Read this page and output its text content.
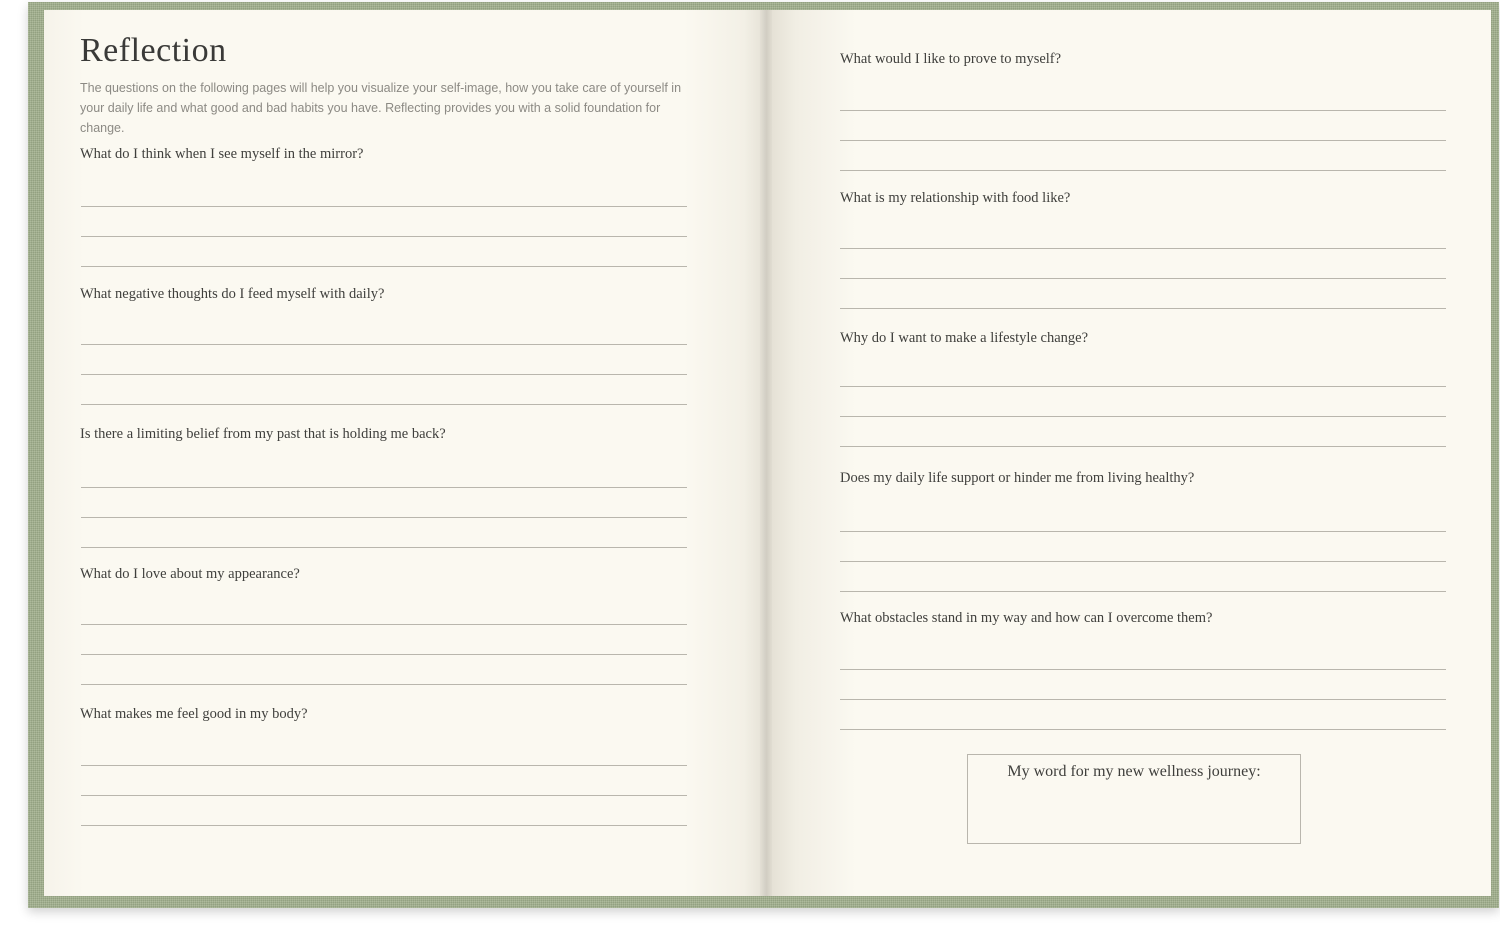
Reflection
The questions on the following pages will help you visualize your self-image, how you take care of yourself in your daily life and what good and bad habits you have. Reflecting provides you with a solid foundation for change.
What do I think when I see myself in the mirror?
What negative thoughts do I feed myself with daily?
Is there a limiting belief from my past that is holding me back?
What do I love about my appearance?
What makes me feel good in my body?
What would I like to prove to myself?
What is my relationship with food like?
Why do I want to make a lifestyle change?
Does my daily life support or hinder me from living healthy?
What obstacles stand in my way and how can I overcome them?
My word for my new wellness journey:
